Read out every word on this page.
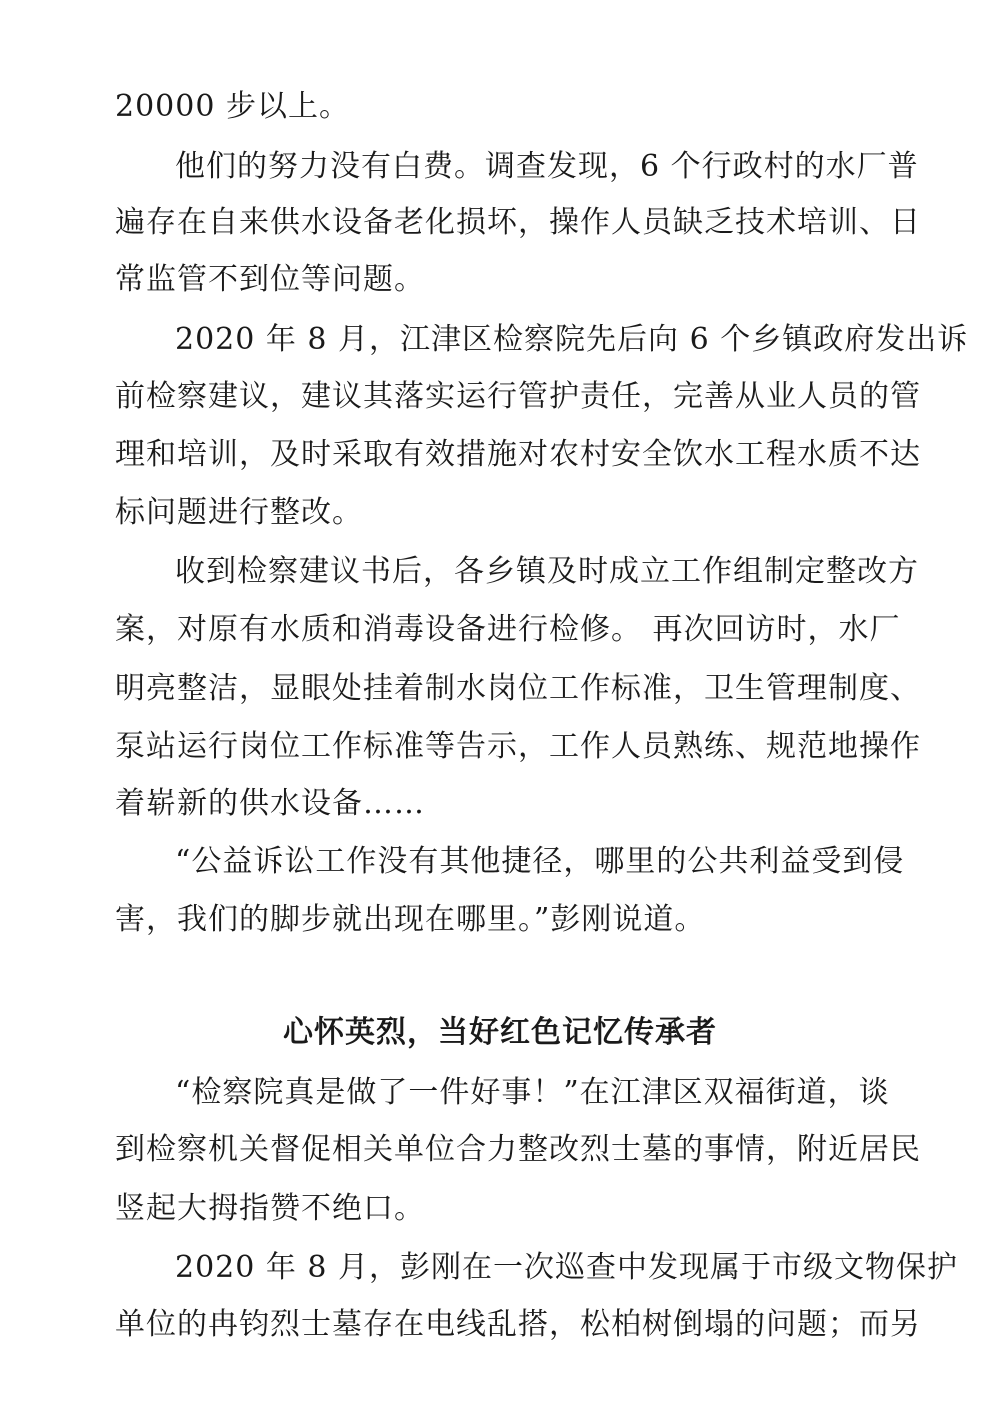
20000 步以上。
他们的努力没有白费。调查发现，6 个行政村的水厂普
遍存在自来供水设备老化损坏，操作人员缺乏技术培训、日
常监管不到位等问题。
2020 年 8 月，江津区检察院先后向 6 个乡镇政府发出诉
前检察建议，建议其落实运行管护责任，完善从业人员的管
理和培训，及时采取有效措施对农村安全饮水工程水质不达
标问题进行整改。
收到检察建议书后，各乡镇及时成立工作组制定整改方
案，对原有水质和消毒设备进行检修。 再次回访时，水厂
明亮整洁，显眼处挂着制水岗位工作标准，卫生管理制度、
泵站运行岗位工作标准等告示，工作人员熟练、规范地操作
着崭新的供水设备……
“公益诉讼工作没有其他捷径，哪里的公共利益受到侵
害，我们的脚步就出现在哪里。”彭刚说道。
心怀英烈，当好红色记忆传承者
“检察院真是做了一件好事！”在江津区双福街道，谈
到检察机关督促相关单位合力整改烈士墓的事情，附近居民
竖起大拇指赞不绝口。
2020 年 8 月，彭刚在一次巡查中发现属于市级文物保护
单位的冉钧烈士墓存在电线乱搭，松柏树倒塌的问题；而另
